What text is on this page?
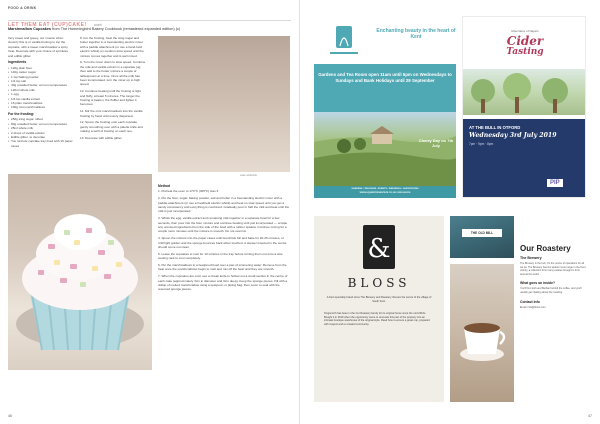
FOOD & DRINK
LET THEM EAT (CUP)CAKE! cont
Marshmallow Cupcakes from The Hummingbird Bakery Cookbook (remastered expanded edition) (c)

Very sweet and gooey, our muscle when cleverly this is or vanilla frosting to top the cupcake, with a sweet marshmallow a spicy treat. Decorate with your choice of sprinkles and edible glitter.

Ingredients
• 120g plain flour
• 140g caster sugar
• 1 tsp baking powder
• 1/4 tsp salt
• 40g unsalted butter, at room temperature
• 120ml whole milk
• 1 egg
• 1/4 tsp vanilla extract
• 16 plain marshmallows
• 100g mini marshmallows
For the frosting:
• 250g icing sugar, sifted
• 80g unsalted butter, at room temperature
• 25ml whole milk
• 2 drops of vanilla extract
• Edible glitter, to decorate
• You 12-hole cupcake tray lined with 16 paper cases

8. For the frosting, beat the icing sugar and butter together in a freestanding electric mixer with a paddle attachment (or use a hand-held electric whisk) on medium-slow speed until the mixture comes together and is well mixed.

9. Turn the mixer down to slow speed. Combine the milk and vanilla extract in a separate jug, then add to the butter mixture a couple of tablespoons at a time. Once all the milk has been incorporated, turn the mixer up to high speed.

10. Continue beating until the frosting is light and fluffy, at least 5 minutes. The longer the frosting is beaten, the fluffier and lighter it becomes.

11. Stir the mini marshmallows into the vanilla frosting by hand until evenly dispersed.

12. Spoon the frosting onto each cupcake, gently smoothing over with a palette knife and making a swirl of frosting on each one.

13. Decorate with edible glitter.

case notebook
Method

1. Preheat the oven to 170°C (325°F) Gas 3.

2. Put the flour, sugar, baking powder, salt and butter in a freestanding electric mixer with a paddle attachment (or use a handheld electric whisk) and beat on slow speed until you get a sandy consistency and everything is combined. Gradually pour in half the milk and beat until the milk is just incorporated.

3. Whisk the egg, vanilla extract and remaining milk together in a separate bowl for a few seconds, then pour into the flour mixture and continue beating until just incorporated — scrape any unmixed ingredients from the side of the bowl with a rubber spatula. Continue mixing for a couple more minutes until the mixture is smooth. Do not overmix.

4. Spoon the mixture into the paper cases until two-thirds full and bake for 20-25 minutes, or until light golden and the sponge bounces back when touched. A skewer inserted in the centre should come out clean.

5. Leave the cupcakes to cool for 10 minutes in the tray before turning them out onto a wire cooling rack to cool completely.

6. Put the marshmallows in a heatproof bowl over a pan of simmering water. Remove from the heat once the marshmallows begin to melt and mix off the heat until they are smooth.

7. When the cupcakes are cold, use a cheap knife to hollow out a small section in the centre of each cake (approximately 3cm in diameter and 3cm deep). Keep the sponge pieces. Fill with a dollop of melted marshmallow using a teaspoon or piping bag, then cover to seal with the reserved sponge pieces.

46
Enchanting beauty in the heart of Kent
Gardens and Tea Room open 11am until 5pm on Wednesdays to Sundays and Bank Holidays until 29 September
Cherry Day on 7th July
GARDENS • TEA ROOM • EVENTS • WEDDINGS • GUESTROOMS
WWW.SQUERRYESESTATE.CO.UK 01959 563118
Mountains of Napa's
Cider
Tasting
AT THE BULL IN OTFORD
Wednesday 3rd July 2019
7pm · 9pm · 8pm
PIP
&
BLOSS
A Kent speciality brand since The Brewery and Roastery that are the centre of the village of South Kent.
Kingsnorth has been in the Cut Roastery family for its original home since the mid 2010s. Bought it in 2019 when the opportunity came to renovate this part of the property into an intimate boutique warehouse of the original style. Read how to ensure a great cup, prepared with respect and re-created community.
THE OLD MILL
Our Roastery
The Brewery
The Brewery is the hub. It's the centre of operations for all we do. The Brewery has the widest menu range in the Kent vicinity, a collection from many estates brought in from around the world.
What goes on inside?
You'll find Josh and Bethan behind the coffee, and you'll usually get chatting about the roasting.
Contact Info
Email: info@bloss.com
47
